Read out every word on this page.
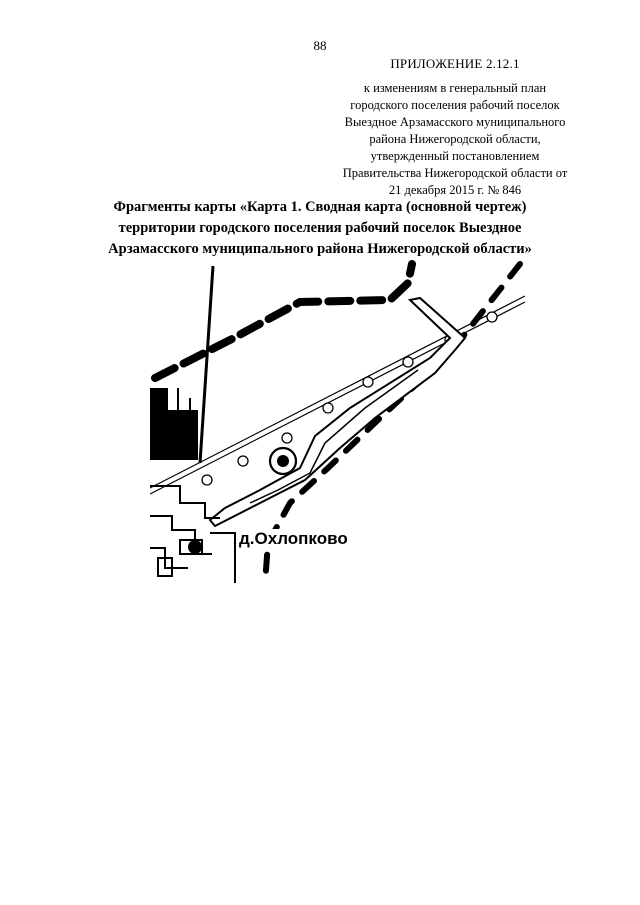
88
ПРИЛОЖЕНИЕ 2.12.1
к изменениям в генеральный план
городского поселения рабочий поселок
Выездное Арзамасского муниципального
района Нижегородской области,
утвержденный постановлением
Правительства Нижегородской области от
21 декабря 2015 г. № 846
Фрагменты карты «Карта 1. Сводная карта (основной чертеж)
территории городского поселения рабочий поселок Выездное
Арзамасского муниципального района Нижегородской области»
д.Охлопково
